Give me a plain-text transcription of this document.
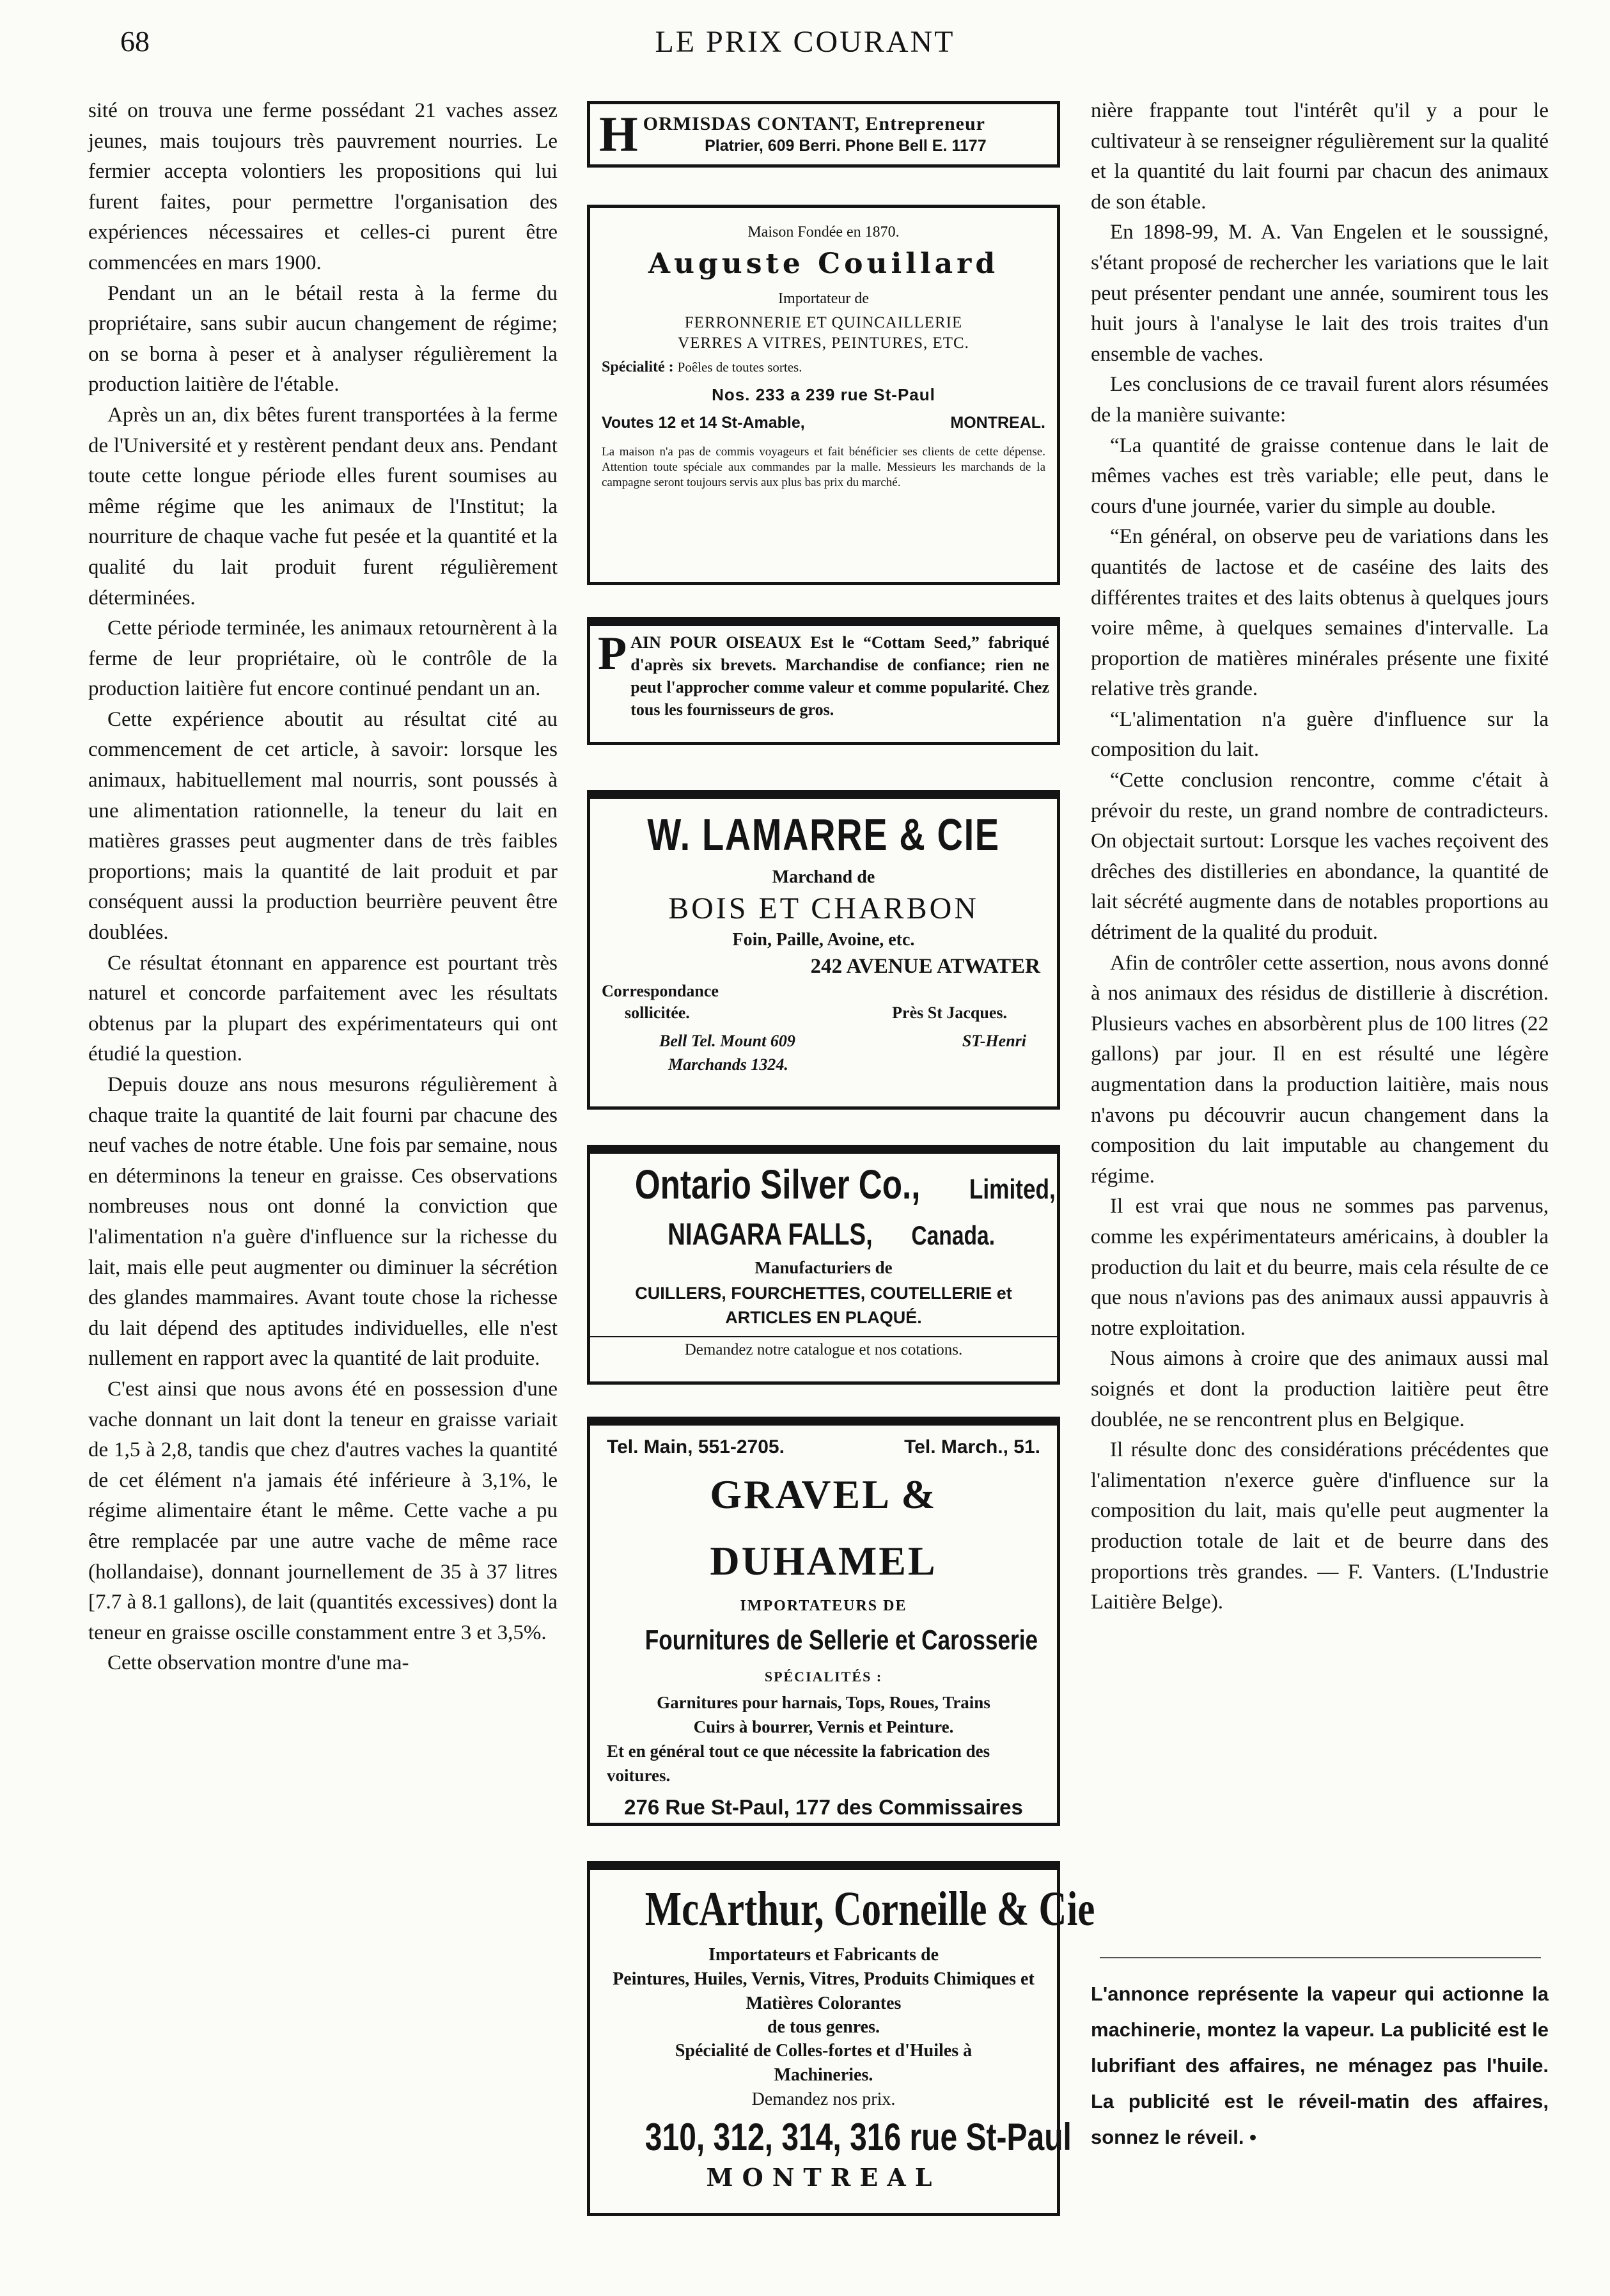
68	LE PRIX COURANT

sité on trouva une ferme possédant 21 vaches assez jeunes, mais toujours très pauvrement nourries. Le fermier accepta volontiers les propositions qui lui furent faites, pour permettre l'organisation des expériences nécessaires et celles-ci purent être commencées en mars 1900.

Pendant un an le bétail resta à la ferme du propriétaire, sans subir aucun changement de régime; on se borna à peser et à analyser régulièrement la production laitière de l'étable.

Après un an, dix bêtes furent transportées à la ferme de l'Université et y restèrent pendant deux ans. Pendant toute cette longue période elles furent soumises au même régime que les animaux de l'Institut; la nourriture de chaque vache fut pesée et la quantité et la qualité du lait produit furent régulièrement déterminées.

Cette période terminée, les animaux retournèrent à la ferme de leur propriétaire, où le contrôle de la production laitière fut encore continué pendant un an.

Cette expérience aboutit au résultat cité au commencement de cet article, à savoir: lorsque les animaux, habituellement mal nourris, sont poussés à une alimentation rationnelle, la teneur du lait en matières grasses peut augmenter dans de très faibles proportions; mais la quantité de lait produit et par conséquent aussi la production beurrière peuvent être doublées.

Ce résultat étonnant en apparence est pourtant très naturel et concorde parfaitement avec les résultats obtenus par la plupart des expérimentateurs qui ont étudié la question.

Depuis douze ans nous mesurons régulièrement à chaque traite la quantité de lait fourni par chacune des neuf vaches de notre étable. Une fois par semaine, nous en déterminons la teneur en graisse. Ces observations nombreuses nous ont donné la conviction que l'alimentation n'a guère d'influence sur la richesse du lait, mais elle peut augmenter ou diminuer la sécrétion des glandes mammaires. Avant toute chose la richesse du lait dépend des aptitudes individuelles, elle n'est nullement en rapport avec la quantité de lait produite.

C'est ainsi que nous avons été en possession d'une vache donnant un lait dont la teneur en graisse variait de 1,5 à 2,8, tandis que chez d'autres vaches la quantité de cet élément n'a jamais été inférieure à 3,1%, le régime alimentaire étant le même. Cette vache a pu être remplacée par une autre vache de même race (hollandaise), donnant journellement de 35 à 37 litres [7.7 à 8.1 gallons), de lait (quantités excessives) dont la teneur en graisse oscille constamment entre 3 et 3,5%.

Cette observation montre d'une ma-

nière frappante tout l'intérêt qu'il y a pour le cultivateur à se renseigner régulièrement sur la qualité et la quantité du lait fourni par chacun des animaux de son étable.

En 1898-99, M. A. Van Engelen et le soussigné, s'étant proposé de rechercher les variations que le lait peut présenter pendant une année, soumirent tous les huit jours à l'analyse le lait des trois traites d'un ensemble de vaches.

Les conclusions de ce travail furent alors résumées de la manière suivante:

“La quantité de graisse contenue dans le lait de mêmes vaches est très variable; elle peut, dans le cours d'une journée, varier du simple au double.

“En général, on observe peu de variations dans les quantités de lactose et de caséine des laits des différentes traites et des laits obtenus à quelques jours voire même, à quelques semaines d'intervalle. La proportion de matières minérales présente une fixité relative très grande.

“L'alimentation n'a guère d'influence sur la composition du lait.

“Cette conclusion rencontre, comme c'était à prévoir du reste, un grand nombre de contradicteurs. On objectait surtout: Lorsque les vaches reçoivent des drêches des distilleries en abondance, la quantité de lait sécrété augmente dans de notables proportions au détriment de la qualité du produit.

Afin de contrôler cette assertion, nous avons donné à nos animaux des résidus de distillerie à discrétion. Plusieurs vaches en absorbèrent plus de 100 litres (22 gallons) par jour. Il en est résulté une légère augmentation dans la production laitière, mais nous n'avons pu découvrir aucun changement dans la composition du lait imputable au changement du régime.

Il est vrai que nous ne sommes pas parvenus, comme les expérimentateurs américains, à doubler la production du lait et du beurre, mais cela résulte de ce que nous n'avions pas des animaux aussi appauvris à notre exploitation.

Nous aimons à croire que des animaux aussi mal soignés et dont la production laitière peut être doublée, ne se rencontrent plus en Belgique.

Il résulte donc des considérations précédentes que l'alimentation n'exerce guère d'influence sur la composition du lait, mais qu'elle peut augmenter la production totale de lait et de beurre dans des proportions très grandes. — F. Vanters. (L'Industrie Laitière Belge).

H ORMISDAS CONTANT, Entrepreneur
Platrier, 609 Berri. Phone Bell E. 1177
Maison Fondée en 1870.
Auguste Couillard
Importateur de
FERRONNERIE ET QUINCAILLERIE
VERRES A VITRES, PEINTURES, ETC.
Spécialité : Poêles de toutes sortes.
Nos. 233 a 239 rue St-Paul
Voutes 12 et 14 St-Amable,	MONTREAL.
La maison n'a pas de commis voyageurs et fait bénéficier ses clients de cette dépense. Attention toute spéciale aux commandes par la malle. Messieurs les marchands de la campagne seront toujours servis aux plus bas prix du marché.
P AIN POUR OISEAUX Est le “Cottam Seed,” fabriqué d'après six brevets. Marchandise de confiance; rien ne peut l'approcher comme valeur et comme popularité. Chez tous les fournisseurs de gros.
W. LAMARRE & CIE
Marchand de
BOIS ET CHARBON
Foin, Paille, Avoine, etc.
242 AVENUE ATWATER
Correspondance
sollicitée.	Près St Jacques.
Bell Tel. Mount 609	ST-Henri
Marchands 1324.
Ontario Silver Co., Limited,
NIAGARA FALLS, Canada.
Manufacturiers de
CUILLERS, FOURCHETTES, COUTELLERIE et ARTICLES EN PLAQUÉ.
Demandez notre catalogue et nos cotations.
Tel. Main, 551-2705.	Tel. March., 51.
GRAVEL & DUHAMEL
IMPORTATEURS DE
Fournitures de Sellerie et Carosserie
SPÉCIALITÉS :
Garnitures pour harnais, Tops, Roues, Trains
Cuirs à bourrer, Vernis et Peinture.
Et en général tout ce que nécessite la fabrication des voitures.
276 Rue St-Paul, 177 des Commissaires
McArthur, Corneille & Cie
Importateurs et Fabricants de
Peintures, Huiles, Vernis, Vitres, Produits Chimiques et Matières Colorantes
de tous genres.
Spécialité de Colles-fortes et d'Huiles à Machineries.
Demandez nos prix.
310, 312, 314, 316 rue St-Paul
MONTREAL
L'annonce représente la vapeur qui actionne la machinerie, montez la vapeur. La publicité est le lubrifiant des affaires, ne ménagez pas l'huile. La publicité est le réveil-matin des affaires, sonnez le réveil. •
